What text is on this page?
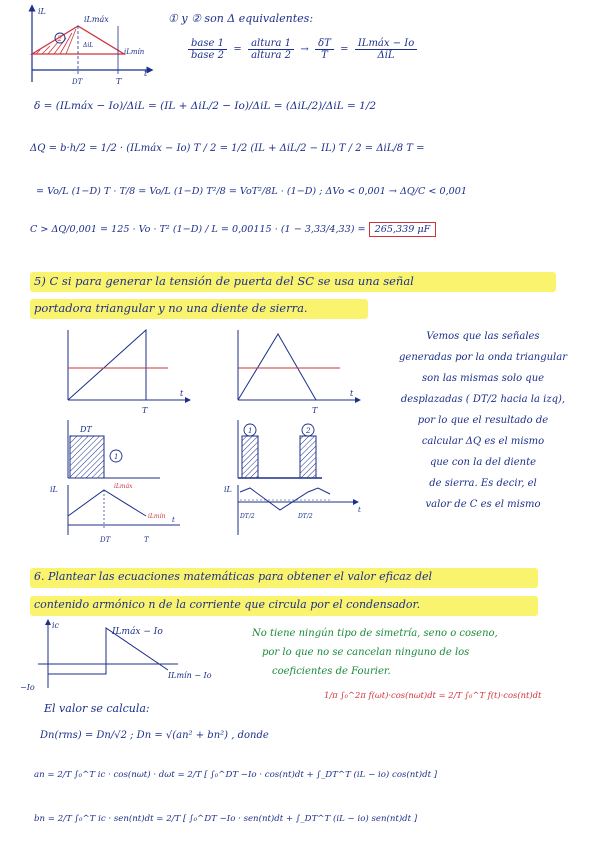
2
iL
iLmáx
ΔiL
iLmín
DT	T
t
① y ② son Δ equivalentes:
$\frac{\text{base 1}}{\text{base 2}} = \frac{\text{altura 1}}{\text{altura 2}} \to \frac{\delta T}{T} = \frac{\text{ILmáx − Io}}{\text{ΔiL}}$
δ = (ILmáx − Io)/ΔiL = (IL + ΔiL/2 − Io)/ΔiL = (ΔiL/2)/ΔiL = 1/2
ΔQ = b·h/2 = 1/2 · (ILmáx − Io) T / 2 = 1/2 (IL + ΔiL/2 − IL) T / 2 = ΔiL/8 T =
= Vo/L (1−D) T · T/8 = Vo/L (1−D) T²/8 = VoT²/8L · (1−D) ; ΔVo < 0,001 → ΔQ/C < 0,001
C > ΔQ/0,001 = 125 · Vo · T² (1−D) / L = 0,00115 · (1 − 3,33/4,33) = 265,339 μF
5) C si para generar la tensión de puerta del SC se usa una señal
portadora triangular y no una diente de sierra.
Vemos que las señales
generadas por la onda triangular
son las mismas solo que
desplazadas ( DT/2 hacia la izq),
por lo que el resultado de
calcular ΔQ es el mismo
que con la del diente
de sierra. Es decir, el
valor de C es el mismo
t
T
t
T
DT
1
1	2
iL	iLmáx
iLmín
DT	T
t
iL
DT/2	DT/2
t
6. Plantear las ecuaciones matemáticas para obtener el valor eficaz del
contenido armónico n de la corriente que circula por el condensador.
ic
ILmáx − Io
ILmín − Io
−Io
No tiene ningún tipo de simetría, seno o coseno,
por lo que no se cancelan ninguno de los
coeficientes de Fourier.
1/π ∫₀^2π f(ωt)·cos(nωt)dt = 2/T ∫₀^T f(t)·cos(nt)dt
El valor se calcula:
Dn(rms) = Dn/√2 ; Dn = √(an² + bn²) , donde
an = 2/T ∫₀^T ic · cos(nωt) · dωt = 2/T [ ∫₀^DT −Io · cos(nt)dt + ∫_DT^T (iL − io) cos(nt)dt ]
bn = 2/T ∫₀^T ic · sen(nt)dt = 2/T [ ∫₀^DT −Io · sen(nt)dt + ∫_DT^T (iL − io) sen(nt)dt ]
